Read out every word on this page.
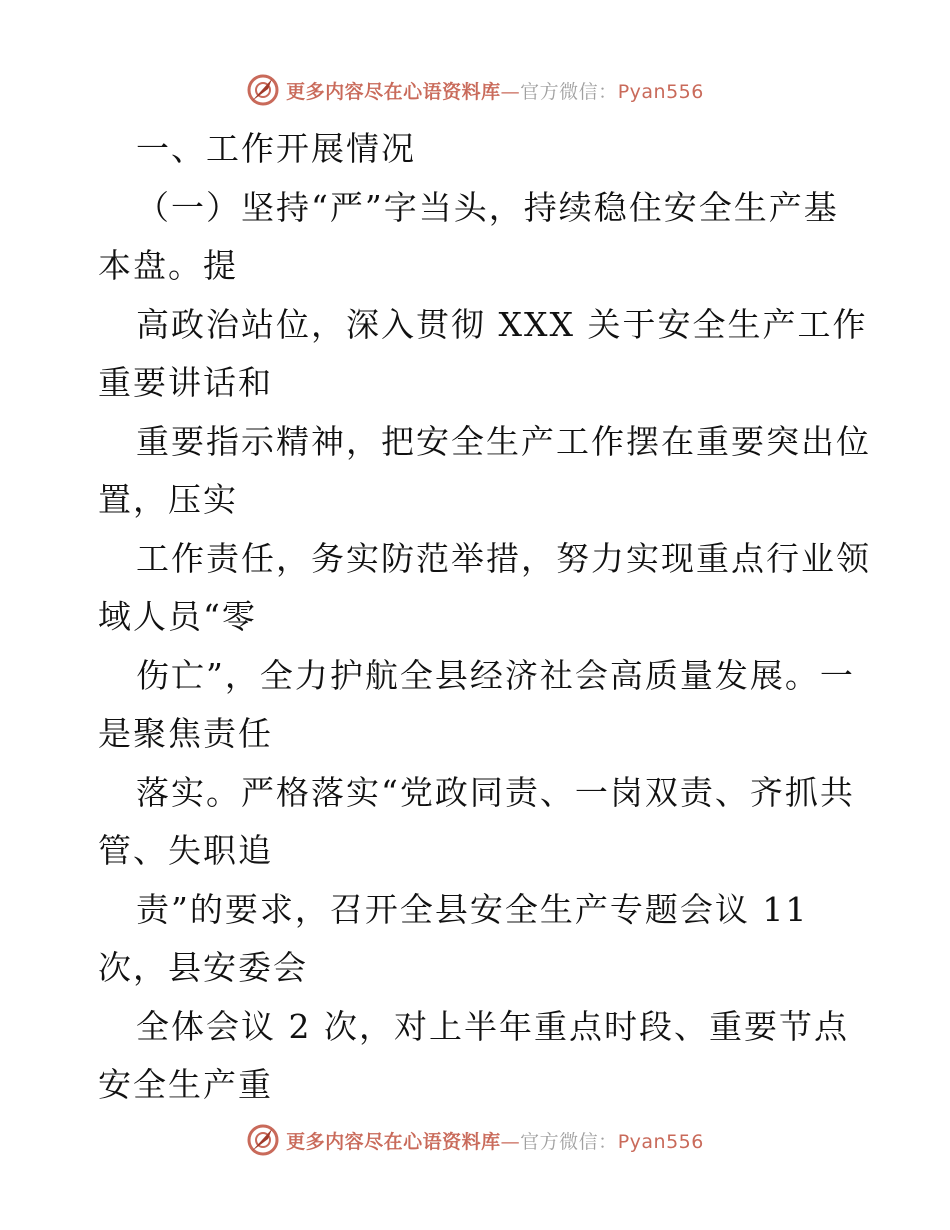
更多内容尽在心语资料库—官方微信：Pyan556
一、工作开展情况
（一）坚持“严”字当头，持续稳住安全生产基
本盘。提
高政治站位，深入贯彻 XXX 关于安全生产工作
重要讲话和
重要指示精神，把安全生产工作摆在重要突出位
置，压实
工作责任，务实防范举措，努力实现重点行业领
域人员“零
伤亡”，全力护航全县经济社会高质量发展。一
是聚焦责任
落实。严格落实“党政同责、一岗双责、齐抓共
管、失职追
责”的要求，召开全县安全生产专题会议 11
次，县安委会
全体会议 2 次，对上半年重点时段、重要节点
安全生产重
更多内容尽在心语资料库—官方微信：Pyan556
